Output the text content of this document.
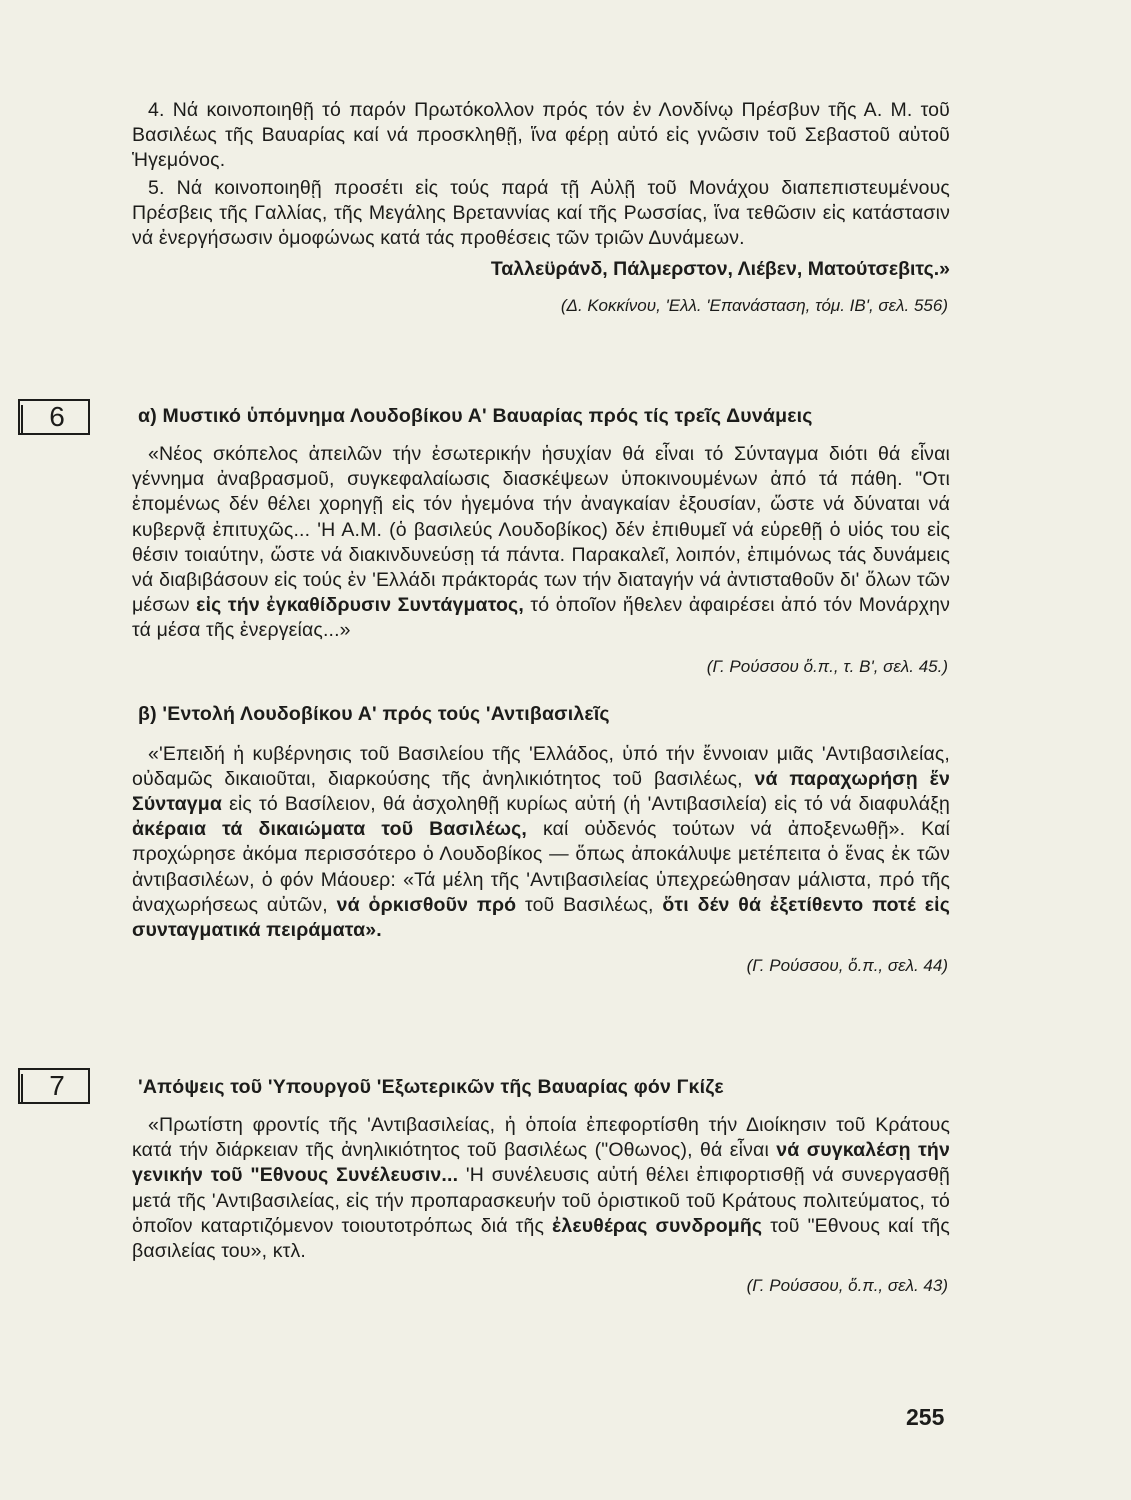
4. Νά κοινοποιηθῇ τό παρόν Πρωτόκολλον πρός τόν ἐν Λονδίνῳ Πρέσβυν τῆς Α. Μ. τοῦ Βασιλέως τῆς Βαυαρίας καί νά προσκληθῇ, ἵνα φέρῃ αὐτό εἰς γνῶσιν τοῦ Σεβαστοῦ αὐτοῦ Ἡγεμόνος.

5. Νά κοινοποιηθῇ προσέτι εἰς τούς παρά τῇ Αὐλῇ τοῦ Μονάχου διαπεπιστευμένους Πρέσβεις τῆς Γαλλίας, τῆς Μεγάλης Βρεταννίας καί τῆς Ρωσσίας, ἵνα τεθῶσιν εἰς κατάστασιν νά ἐνεργήσωσιν ὁμοφώνως κατά τάς προθέσεις τῶν τριῶν Δυνάμεων.

Ταλλεϋράνδ, Πάλμερστον, Λιέβεν, Ματούτσεβιτς.»

(Δ. Κοκκίνου, 'Ελλ. 'Επανάσταση, τόμ. ΙΒ', σελ. 556)

6	α) Μυστικό ὑπόμνημα Λουδοβίκου Α' Βαυαρίας πρός τίς τρεῖς Δυνάμεις

«Νέος σκόπελος ἀπειλῶν τήν ἐσωτερικήν ἡσυχίαν θά εἶναι τό Σύνταγμα διότι θά εἶναι γέννημα ἀναβρασμοῦ, συγκεφαλαίωσις διασκέψεων ὑποκινουμένων ἀπό τά πάθη. "Οτι ἐπομένως δέν θέλει χορηγῇ εἰς τόν ἡγεμόνα τήν ἀναγκαίαν ἐξουσίαν, ὥστε νά δύναται νά κυβερνᾷ ἐπιτυχῶς... 'Η Α.Μ. (ὁ βασιλεύς Λουδοβίκος) δέν ἐπιθυμεῖ νά εὑρεθῇ ὁ υἱός του εἰς θέσιν τοιαύτην, ὥστε νά διακινδυνεύσῃ τά πάντα. Παρακαλεῖ, λοιπόν, ἐπιμόνως τάς δυνάμεις νά διαβιβάσουν εἰς τούς ἐν 'Ελλάδι πράκτοράς των τήν διαταγήν νά ἀντισταθοῦν δι' ὅλων τῶν μέσων εἰς τήν ἐγκαθίδρυσιν Συντάγματος, τό ὁποῖον ἤθελεν ἀφαιρέσει ἀπό τόν Μονάρχην τά μέσα τῆς ἐνεργείας...»

(Γ. Ρούσσου ὅ.π., τ. Β', σελ. 45.)

β) 'Εντολή Λουδοβίκου Α' πρός τούς 'Αντιβασιλεῖς

«'Επειδή ἡ κυβέρνησις τοῦ Βασιλείου τῆς 'Ελλάδος, ὑπό τήν ἔννοιαν μιᾶς 'Αντιβασιλείας, οὐδαμῶς δικαιοῦται, διαρκούσης τῆς ἀνηλικιότητος τοῦ βασιλέως, νά παραχωρήσῃ ἕν Σύνταγμα εἰς τό Βασίλειον, θά ἀσχοληθῇ κυρίως αὐτή (ἡ 'Αντιβασιλεία) εἰς τό νά διαφυλάξῃ ἀκέραια τά δικαιώματα τοῦ Βασιλέως, καί οὐδενός τούτων νά ἀποξενωθῇ». Καί προχώρησε ἀκόμα περισσότερο ὁ Λουδοβίκος — ὅπως ἀποκάλυψε μετέπειτα ὁ ἕνας ἐκ τῶν ἀντιβασιλέων, ὁ φόν Μάουερ: «Τά μέλη τῆς 'Αντιβασιλείας ὑπεχρεώθησαν μάλιστα, πρό τῆς ἀναχωρήσεως αὐτῶν, νά ὁρκισθοῦν πρό τοῦ Βασιλέως, ὅτι δέν θά ἐξετίθεντο ποτέ εἰς συνταγματικά πειράματα».

(Γ. Ρούσσου, ὅ.π., σελ. 44)

7	'Απόψεις τοῦ 'Υπουργοῦ 'Εξωτερικῶν τῆς Βαυαρίας φόν Γκίζε

«Πρωτίστη φροντίς τῆς 'Αντιβασιλείας, ἡ ὁποία ἐπεφορτίσθη τήν Διοίκησιν τοῦ Κράτους κατά τήν διάρκειαν τῆς ἀνηλικιότητος τοῦ βασιλέως ("Οθωνος), θά εἶναι νά συγκαλέσῃ τήν γενικήν τοῦ "Εθνους Συνέλευσιν... 'Η συνέλευσις αὐτή θέλει ἐπιφορτισθῇ νά συνεργασθῇ μετά τῆς 'Αντιβασιλείας, εἰς τήν προπαρασκευήν τοῦ ὁριστικοῦ τοῦ Κράτους πολιτεύματος, τό ὁποῖον καταρτιζόμενον τοιουτοτρόπως διά τῆς ἐλευθέρας συνδρομῆς τοῦ "Εθνους καί τῆς βασιλείας του», κτλ.

(Γ. Ρούσσου, ὅ.π., σελ. 43)

255
